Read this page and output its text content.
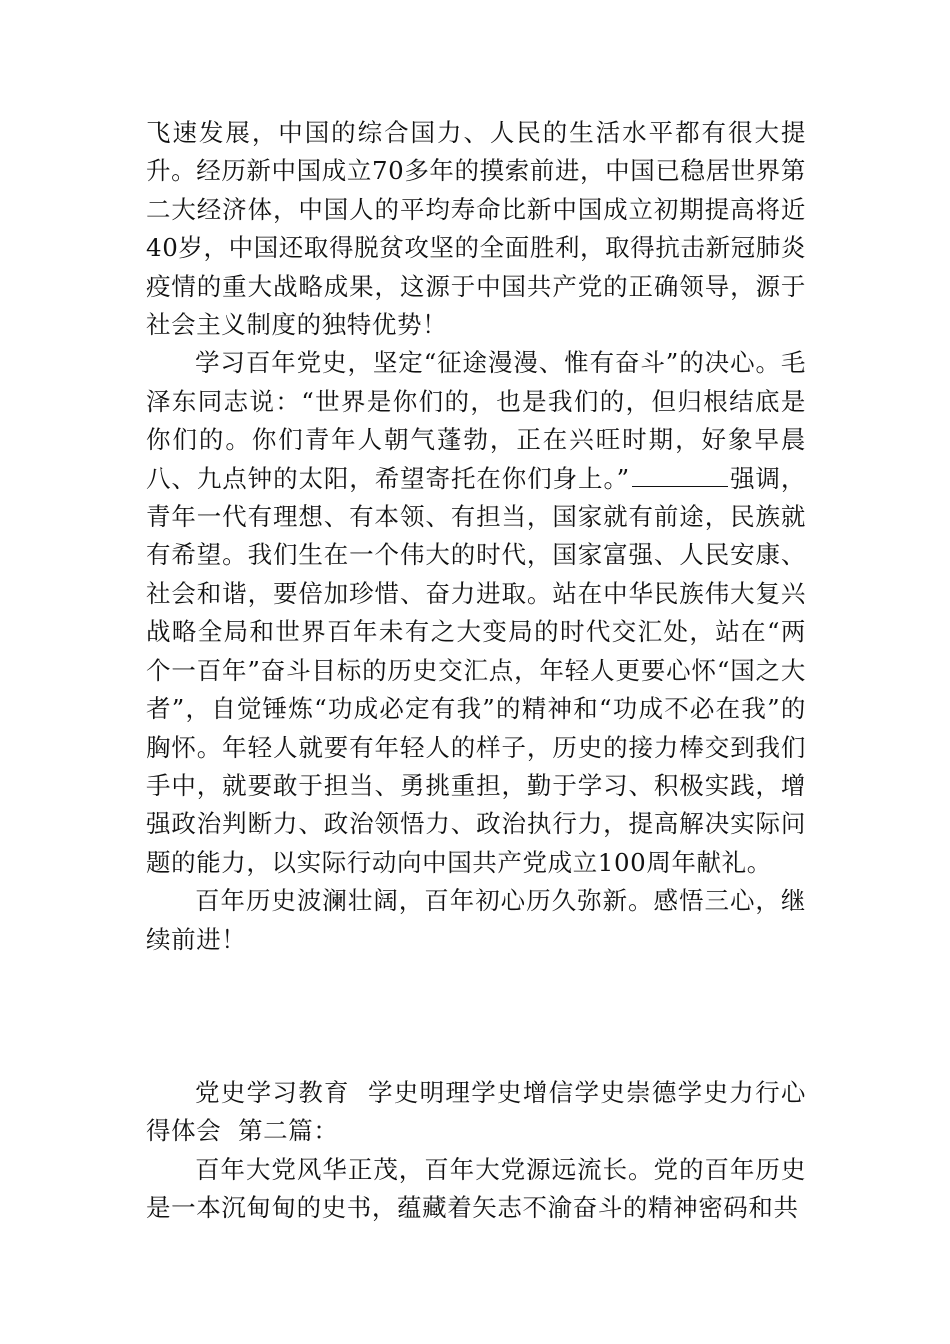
飞速发展，中国的综合国力、人民的生活水平都有很大提升。经历新中国成立70多年的摸索前进，中国已稳居世界第二大经济体，中国人的平均寿命比新中国成立初期提高将近40岁，中国还取得脱贫攻坚的全面胜利，取得抗击新冠肺炎疫情的重大战略成果，这源于中国共产党的正确领导，源于社会主义制度的独特优势！

学习百年党史，坚定“征途漫漫、惟有奋斗”的决心。毛泽东同志说：“世界是你们的，也是我们的，但归根结底是你们的。你们青年人朝气蓬勃，正在兴旺时期，好象早晨八、九点钟的太阳，希望寄托在你们身上。”	强调，青年一代有理想、有本领、有担当，国家就有前途，民族就有希望。我们生在一个伟大的时代，国家富强、人民安康、社会和谐，要倍加珍惜、奋力进取。站在中华民族伟大复兴战略全局和世界百年未有之大变局的时代交汇处，站在“两个一百年”奋斗目标的历史交汇点，年轻人更要心怀“国之大者”，自觉锤炼“功成必定有我”的精神和“功成不必在我”的胸怀。年轻人就要有年轻人的样子，历史的接力棒交到我们手中，就要敢于担当、勇挑重担，勤于学习、积极实践，增强政治判断力、政治领悟力、政治执行力，提高解决实际问题的能力，以实际行动向中国共产党成立100周年献礼。

百年历史波澜壮阔，百年初心历久弥新。感悟三心，继续前进！

党史学习教育  学史明理学史增信学史崇德学史力行心得体会  第二篇：

百年大党风华正茂，百年大党源远流长。党的百年历史是一本沉甸甸的史书，蕴藏着矢志不渝奋斗的精神密码和共
